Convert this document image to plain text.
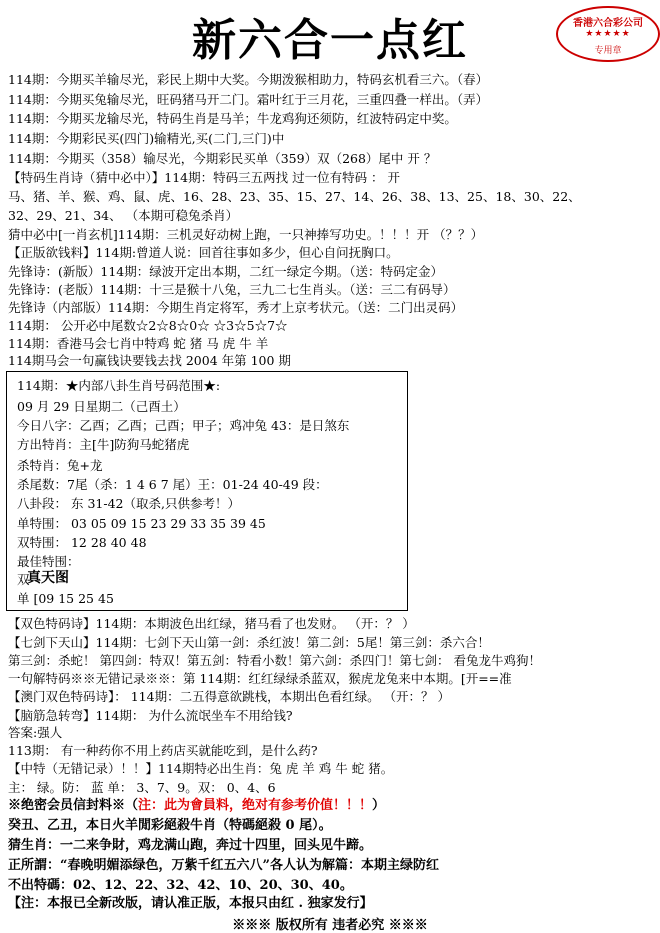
新六合一点红	香港六合彩公司
★★★★★
专用章
114期：今期买羊输尽光，彩民上期中大奖。今期泼猴相助力，特码玄机看三六。（春）
114期：今期买兔输尽光，旺码猪马开二门。霜叶红于三月花，三重四叠一样出。（弄）
114期：今期买龙输尽光，特码生肖是马羊；牛龙鸡狗还须防，红波特码定中奖。
114期：今期彩民买(四门)输精光,买(二门,三门)中
114期：今期买（358）输尽光，今期彩民买单（359）双（268）尾中 开 ？
【特码生肖诗（猜中必中）】114期：特码三五两找 过一位有特码 ： 开
马、猪、羊、猴、鸡、鼠、虎、16、28、23、35、15、27、14、26、38、13、25、18、30、22、
32、29、21、34、 （本期可稳兔杀肖）
猜中必中[一肖玄机]114期：三机灵好动树上跑，一只神捧写功史。！！！开 （？？）
【正版欲钱料】114期:曾道人说：回首往事如多少，但心自问抚胸口。
先锋诗：(新版）114期：绿波开定出本期，二红一绿定今期。（送：特码定金）
先锋诗：(老版）114期：十三是猴十八兔，三九二七生肖头。（送：三二有码导）
先锋诗（内部版）114期：今期生肖定将军，秀才上京考状元。（送：二门出灵码）
114期： 公开必中尾数☆2☆8☆0☆ ☆3☆5☆7☆
114期：香港马会七肖中特鸡 蛇 猪 马 虎 牛 羊
114期马会一句赢钱诀要钱去找 2004 年第 100 期
114期：★内部八卦生肖号码范围★:
09 月 29 日星期二（己酉土）
今日八字：乙酉；乙酉；己酉；甲子；鸡冲兔 43：是日煞东
方出特肖：主[牛]防狗马蛇猪虎
杀特肖：兔+龙
杀尾数：7尾（杀：1 4 6 7 尾）王：01-24 40-49 段：
八卦段： 东 31-42（取杀,只供参考！）
单特围： 03 05 09 15 23 29 33 35 39 45
双特围： 12 28 40 48
最佳特围：
双
真天图
单 [09 15 25 45
【双色特码诗】114期：本期波色出红绿，猪马看了也发财。 （开：？ ）
【七剑下天山】114期：七剑下天山第一剑：杀红波！第二剑：5尾！第三剑：杀六合！
第三剑：杀蛇！ 第四剑：特双！第五剑：特看小数！第六剑：杀四门！第七剑： 看兔龙牛鸡狗！
一句解特码※※无错记录※※：第 114期：红红绿绿杀蓝双，猴虎龙兔来中本期。[开==准
【澳门双色特码诗】： 114期：二五得意欲跳栈，本期出色看红绿。 （开：？ ）
【脑筋急转弯】114期： 为什么流氓坐车不用给钱?
答案:强人
113期： 有一种药你不用上药店买就能吃到，是什么药?
【中特（无错记录）！！】114期特必出生肖：兔 虎 羊 鸡 牛 蛇 猪。
主： 绿。防： 蓝 单： 3、7、9。双： 0、4、6
※绝密会员信封料※（注：此为會員料，绝对有参考价值！！！）
癸丑、乙丑，本日火羊閒彩絕殺牛肖（特碼絕殺 0 尾）。
猜生肖：一二来争財，鸡龙满山跑，奔过十四里，回头见牛蹄。
正所謂：“春晚明媚添绿色，万紫千红五六八”各人认为解篇：本期主绿防红
不出特碼：02、12、22、32、42、10、20、30、40。
【注：本报已全新改版，请认准正版，本报只由红 . 独家发行】
※※※ 版权所有 违者必究 ※※※
